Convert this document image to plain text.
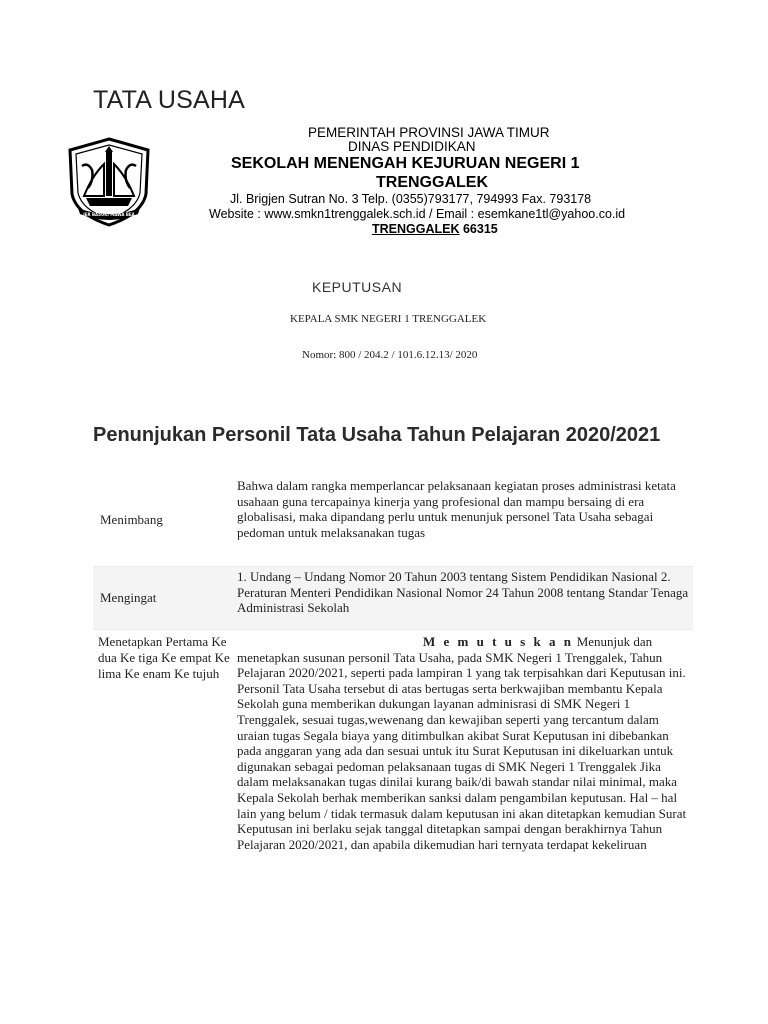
TATA USAHA
JER BASUKI MAWA BEA
PEMERINTAH PROVINSI JAWA TIMUR
DINAS PENDIDIKAN
SEKOLAH MENENGAH KEJURUAN NEGERI 1
TRENGGALEK
Jl. Brigjen Sutran No. 3 Telp. (0355)793177, 794993 Fax. 793178
Website : www.smkn1trenggalek.sch.id / Email : esemkane1tl@yahoo.co.id
TRENGGALEK 66315
KEPUTUSAN
KEPALA SMK NEGERI 1 TRENGGALEK
Nomor: 800 / 204.2 / 101.6.12.13/ 2020
Penunjukan Personil Tata Usaha Tahun Pelajaran 2020/2021
Menimbang
Bahwa dalam rangka memperlancar pelaksanaan kegiatan proses administrasi ketata usahaan guna tercapainya kinerja yang profesional dan mampu bersaing di era globalisasi, maka dipandang perlu untuk menunjuk personel Tata Usaha sebagai pedoman untuk melaksanakan tugas
Mengingat
1. Undang – Undang Nomor 20 Tahun 2003 tentang Sistem Pendidikan Nasional 2. Peraturan Menteri Pendidikan Nasional Nomor 24 Tahun 2008 tentang Standar Tenaga Administrasi Sekolah
Menetapkan Pertama Ke dua Ke tiga Ke empat Ke lima Ke enam Ke tujuh
M e m u t u s k a n Menunjuk dan menetapkan susunan personil Tata Usaha, pada SMK Negeri 1 Trenggalek, Tahun Pelajaran 2020/2021, seperti pada lampiran 1 yang tak terpisahkan dari Keputusan ini. Personil Tata Usaha tersebut di atas bertugas serta berkwajiban membantu Kepala Sekolah guna memberikan dukungan layanan adminisrasi di SMK Negeri 1 Trenggalek, sesuai tugas,wewenang dan kewajiban seperti yang tercantum dalam uraian tugas Segala biaya yang ditimbulkan akibat Surat Keputusan ini dibebankan pada anggaran yang ada dan sesuai untuk itu Surat Keputusan ini dikeluarkan untuk digunakan sebagai pedoman pelaksanaan tugas di SMK Negeri 1 Trenggalek Jika dalam melaksanakan tugas dinilai kurang baik/di bawah standar nilai minimal, maka Kepala Sekolah berhak memberikan sanksi dalam pengambilan keputusan. Hal – hal lain yang belum / tidak termasuk dalam keputusan ini akan ditetapkan kemudian Surat Keputusan ini berlaku sejak tanggal ditetapkan sampai dengan berakhirnya Tahun Pelajaran 2020/2021, dan apabila dikemudian hari ternyata terdapat kekeliruan
